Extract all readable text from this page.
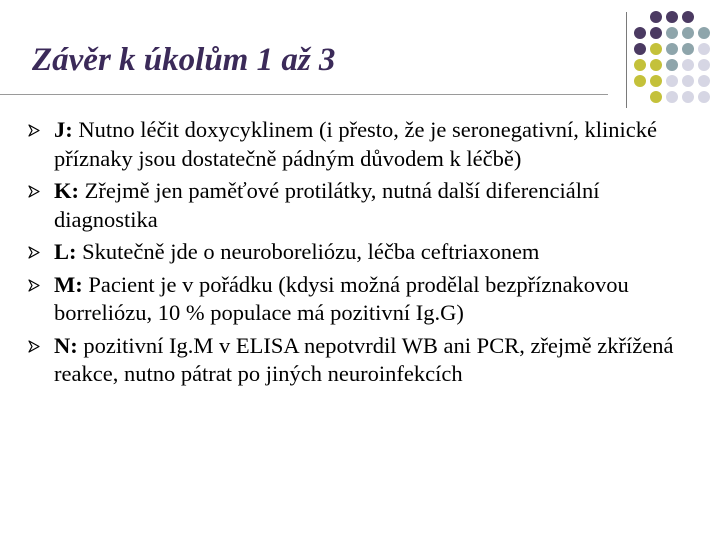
Závěr k úkolům 1 až 3
J: Nutno léčit doxycyklinem (i přesto, že je seronegativní, klinické příznaky jsou dostatečně pádným důvodem k léčbě)
K: Zřejmě jen paměťové protilátky, nutná další diferenciální diagnostika
L: Skutečně jde o neuroboreliózu, léčba ceftriaxonem
M: Pacient je v pořádku (kdysi možná prodělal bezpříznakovou borreliózu, 10 % populace má pozitivní Ig.G)
N: pozitivní Ig.M v ELISA nepotvrdil WB ani PCR, zřejmě zkřížená reakce, nutno pátrat po jiných neuroinfekcích
